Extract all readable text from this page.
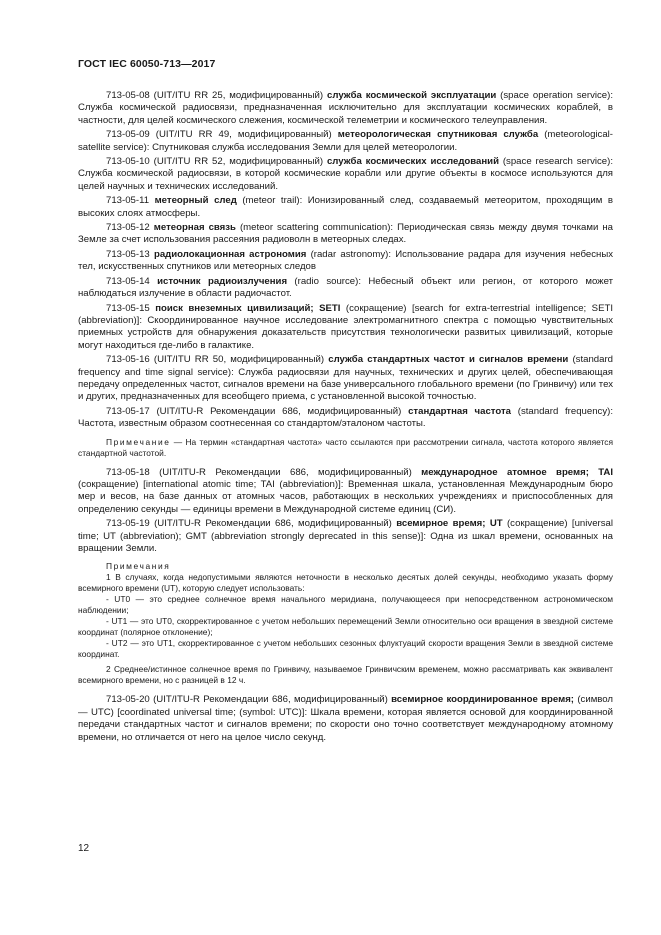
ГОСТ IEC 60050-713—2017

713-05-08 (UIT/ITU RR 25, модифицированный) служба космической эксплуатации (space operation service): Служба космической радиосвязи, предназначенная исключительно для эксплуатации космических кораблей, в частности, для целей космического слежения, космической телеметрии и космического телеуправления.

713-05-09 (UIT/ITU RR 49, модифицированный) метеорологическая спутниковая служба (meteorological-satellite service): Спутниковая служба исследования Земли для целей метеорологии.

713-05-10 (UIT/ITU RR 52, модифицированный) служба космических исследований (space research service): Служба космической радиосвязи, в которой космические корабли или другие объекты в космосе используются для целей научных и технических исследований.

713-05-11 метеорный след (meteor trail): Ионизированный след, создаваемый метеоритом, проходящим в высоких слоях атмосферы.

713-05-12 метеорная связь (meteor scattering communication): Периодическая связь между двумя точками на Земле за счет использования рассеяния радиоволн в метеорных следах.

713-05-13 радиолокационная астрономия (radar astronomy): Использование радара для изучения небесных тел, искусственных спутников или метеорных следов

713-05-14 источник радиоизлучения (radio source): Небесный объект или регион, от которого может наблюдаться излучение в области радиочастот.

713-05-15 поиск внеземных цивилизаций; SETI (сокращение) [search for extra-terrestrial intelligence; SETI (abbreviation)]: Скоординированное научное исследование электромагнитного спектра с помощью чувствительных приемных устройств для обнаружения доказательств присутствия технологически развитых цивилизаций, которые могут находиться где-либо в галактике.

713-05-16 (UIT/ITU RR 50, модифицированный) служба стандартных частот и сигналов времени (standard frequency and time signal service): Служба радиосвязи для научных, технических и других целей, обеспечивающая передачу определенных частот, сигналов времени на базе универсального глобального времени (по Гринвичу) или тех и других, предназначенных для всеобщего приема, с установленной высокой точностью.

713-05-17 (UIT/ITU-R Рекомендации 686, модифицированный) стандартная частота (standard frequency): Частота, известным образом соотнесенная со стандартом/эталоном частоты.

Примечание — На термин «стандартная частота» часто ссылаются при рассмотрении сигнала, частота которого является стандартной частотой.

713-05-18 (UIT/ITU-R Рекомендации 686, модифицированный) международное атомное время; TAI (сокращение) [international atomic time; TAI (abbreviation)]: Временная шкала, установленная Международным бюро мер и весов, на базе данных от атомных часов, работающих в нескольких учреждениях и приспособленных для определению секунды — единицы времени в Международной системе единиц (СИ).

713-05-19 (UIT/ITU-R Рекомендации 686, модифицированный) всемирное время; UT (сокращение) [universal time; UT (abbreviation); GMT (abbreviation strongly deprecated in this sense)]: Одна из шкал времени, основанных на вращении Земли.

Примечания

1 В случаях, когда недопустимыми являются неточности в несколько десятых долей секунды, необходимо указать форму всемирного времени (UT), которую следует использовать:

- UT0 — это среднее солнечное время начального меридиана, получающееся при непосредственном астрономическом наблюдении;

- UT1 — это UT0, скорректированное с учетом небольших перемещений Земли относительно оси вращения в звездной системе координат (полярное отклонение);

- UT2 — это UT1, скорректированное с учетом небольших сезонных флуктуаций скорости вращения Земли в звездной системе координат.

2 Среднее/истинное солнечное время по Гринвичу, называемое Гринвичским временем, можно рассматривать как эквивалент всемирного времени, но с разницей в 12 ч.

713-05-20 (UIT/ITU-R Рекомендации 686, модифицированный) всемирное координированное время; (символ — UTC) [coordinated universal time; (symbol: UTC)]: Шкала времени, которая является основой для координированной передачи стандартных частот и сигналов времени; по скорости оно точно соответствует международному атомному времени, но отличается от него на целое число секунд.

12
